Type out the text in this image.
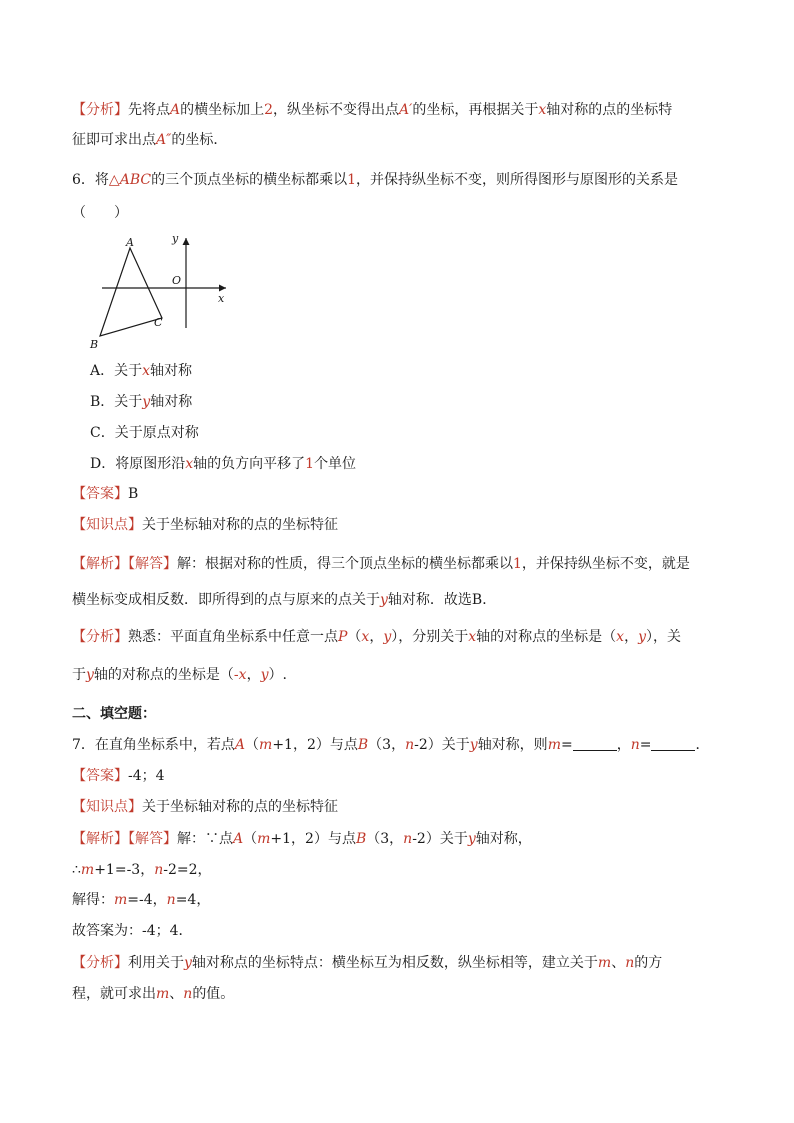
【分析】先将点A的横坐标加上2，纵坐标不变得出点A′的坐标，再根据关于x轴对称的点的坐标特
征即可求出点A″的坐标．
6．将△ABC的三个顶点坐标的横坐标都乘以1，并保持纵坐标不变，则所得图形与原图形的关系是
（　　）
A
B
C
O
x
y
A．关于x轴对称
B．关于y轴对称
C．关于原点对称
D．将原图形沿x轴的负方向平移了1个单位
【答案】B
【知识点】关于坐标轴对称的点的坐标特征
【解析】【解答】解：根据对称的性质，得三个顶点坐标的横坐标都乘以1，并保持纵坐标不变，就是
横坐标变成相反数．即所得到的点与原来的点关于y轴对称．故选B．
【分析】熟悉：平面直角坐标系中任意一点P（x，y），分别关于x轴的对称点的坐标是（x，y），关
于y轴的对称点的坐标是（-x，y）.
二、填空题：
7．在直角坐标系中，若点A（m+1，2）与点B（3，n-2）关于y轴对称，则m=	，n=	．
【答案】-4；4
【知识点】关于坐标轴对称的点的坐标特征
【解析】【解答】解：∵点A（m+1，2）与点B（3，n-2）关于y轴对称，
∴m+1=-3，n-2=2，
解得：m=-4，n=4，
故答案为：-4；4．
【分析】利用关于y轴对称点的坐标特点：横坐标互为相反数，纵坐标相等，建立关于m、n的方
程，就可求出m、n的值。
